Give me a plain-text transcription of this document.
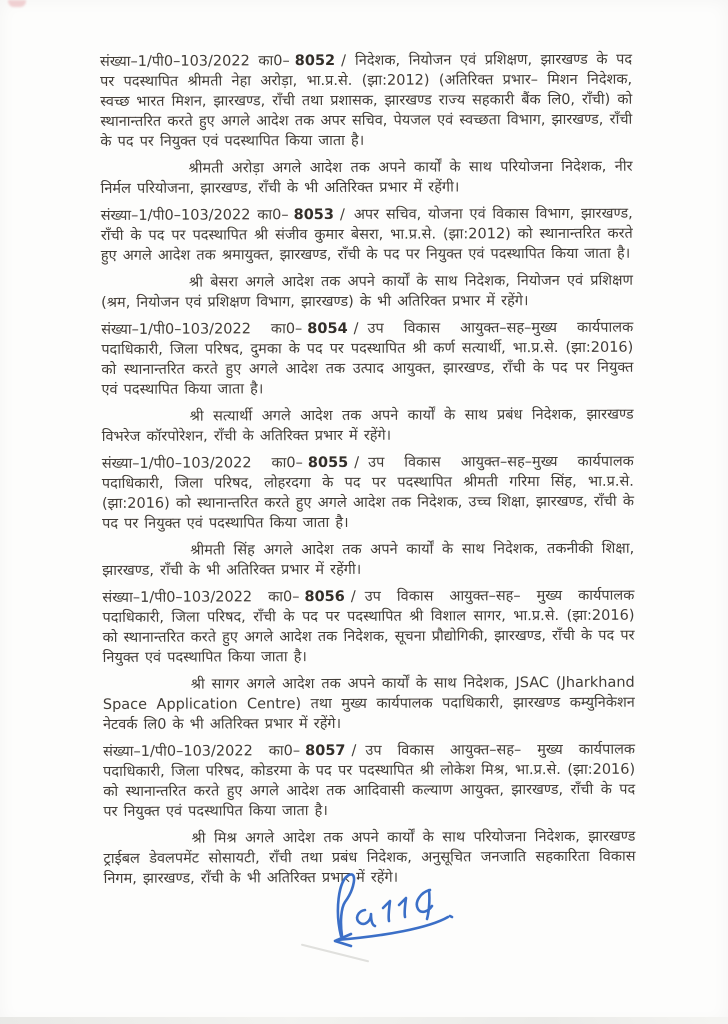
संख्या–1/पी0–103/2022 का0– 8052 / निदेशक, नियोजन एवं प्रशिक्षण, झारखण्ड के पद पर पदस्थापित श्रीमती नेहा अरोड़ा, भा.प्र.से. (झा:2012) (अतिरिक्त प्रभार– मिशन निदेशक, स्वच्छ भारत मिशन, झारखण्ड, राँची तथा प्रशासक, झारखण्ड राज्य सहकारी बैंक लि0, राँची) को स्थानान्तरित करते हुए अगले आदेश तक अपर सचिव, पेयजल एवं स्वच्छता विभाग, झारखण्ड, राँची के पद पर नियुक्त एवं पदस्थापित किया जाता है।

श्रीमती अरोड़ा अगले आदेश तक अपने कार्यों के साथ परियोजना निदेशक, नीर निर्मल परियोजना, झारखण्ड, राँची के भी अतिरिक्त प्रभार में रहेंगी।

संख्या–1/पी0–103/2022 का0– 8053 / अपर सचिव, योजना एवं विकास विभाग, झारखण्ड, राँची के पद पर पदस्थापित श्री संजीव कुमार बेसरा, भा.प्र.से. (झा:2012) को स्थानान्तरित करते हुए अगले आदेश तक श्रमायुक्त, झारखण्ड, राँची के पद पर नियुक्त एवं पदस्थापित किया जाता है।

श्री बेसरा अगले आदेश तक अपने कार्यों के साथ निदेशक, नियोजन एवं प्रशिक्षण (श्रम, नियोजन एवं प्रशिक्षण विभाग, झारखण्ड) के भी अतिरिक्त प्रभार में रहेंगे।

संख्या–1/पी0–103/2022 का0– 8054 / उप विकास आयुक्त–सह–मुख्य कार्यपालक पदाधिकारी, जिला परिषद, दुमका के पद पर पदस्थापित श्री कर्ण सत्यार्थी, भा.प्र.से. (झा:2016) को स्थानान्तरित करते हुए अगले आदेश तक उत्पाद आयुक्त, झारखण्ड, राँची के पद पर नियुक्त एवं पदस्थापित किया जाता है।

श्री सत्यार्थी अगले आदेश तक अपने कार्यों के साथ प्रबंध निदेशक, झारखण्ड विभरेज कॉरपोरेशन, राँची के अतिरिक्त प्रभार में रहेंगे।

संख्या–1/पी0–103/2022 का0– 8055 / उप विकास आयुक्त–सह–मुख्य कार्यपालक पदाधिकारी, जिला परिषद, लोहरदगा के पद पर पदस्थापित श्रीमती गरिमा सिंह, भा.प्र.से. (झा:2016) को स्थानान्तरित करते हुए अगले आदेश तक निदेशक, उच्च शिक्षा, झारखण्ड, राँची के पद पर नियुक्त एवं पदस्थापित किया जाता है।

श्रीमती सिंह अगले आदेश तक अपने कार्यों के साथ निदेशक, तकनीकी शिक्षा, झारखण्ड, राँची के भी अतिरिक्त प्रभार में रहेंगी।

संख्या–1/पी0–103/2022 का0– 8056 / उप विकास आयुक्त–सह– मुख्य कार्यपालक पदाधिकारी, जिला परिषद, राँची के पद पर पदस्थापित श्री विशाल सागर, भा.प्र.से. (झा:2016) को स्थानान्तरित करते हुए अगले आदेश तक निदेशक, सूचना प्रौद्योगिकी, झारखण्ड, राँची के पद पर नियुक्त एवं पदस्थापित किया जाता है।

श्री सागर अगले आदेश तक अपने कार्यों के साथ निदेशक, JSAC (Jharkhand Space Application Centre) तथा मुख्य कार्यपालक पदाधिकारी, झारखण्ड कम्युनिकेशन नेटवर्क लि0 के भी अतिरिक्त प्रभार में रहेंगे।

संख्या–1/पी0–103/2022 का0– 8057 / उप विकास आयुक्त–सह– मुख्य कार्यपालक पदाधिकारी, जिला परिषद, कोडरमा के पद पर पदस्थापित श्री लोकेश मिश्र, भा.प्र.से. (झा:2016) को स्थानान्तरित करते हुए अगले आदेश तक आदिवासी कल्याण आयुक्त, झारखण्ड, राँची के पद पर नियुक्त एवं पदस्थापित किया जाता है।

श्री मिश्र अगले आदेश तक अपने कार्यों के साथ परियोजना निदेशक, झारखण्ड ट्राईबल डेवलपमेंट सोसायटी, राँची तथा प्रबंध निदेशक, अनुसूचित जनजाति सहकारिता विकास निगम, झारखण्ड, राँची के भी अतिरिक्त प्रभार में रहेंगे।
